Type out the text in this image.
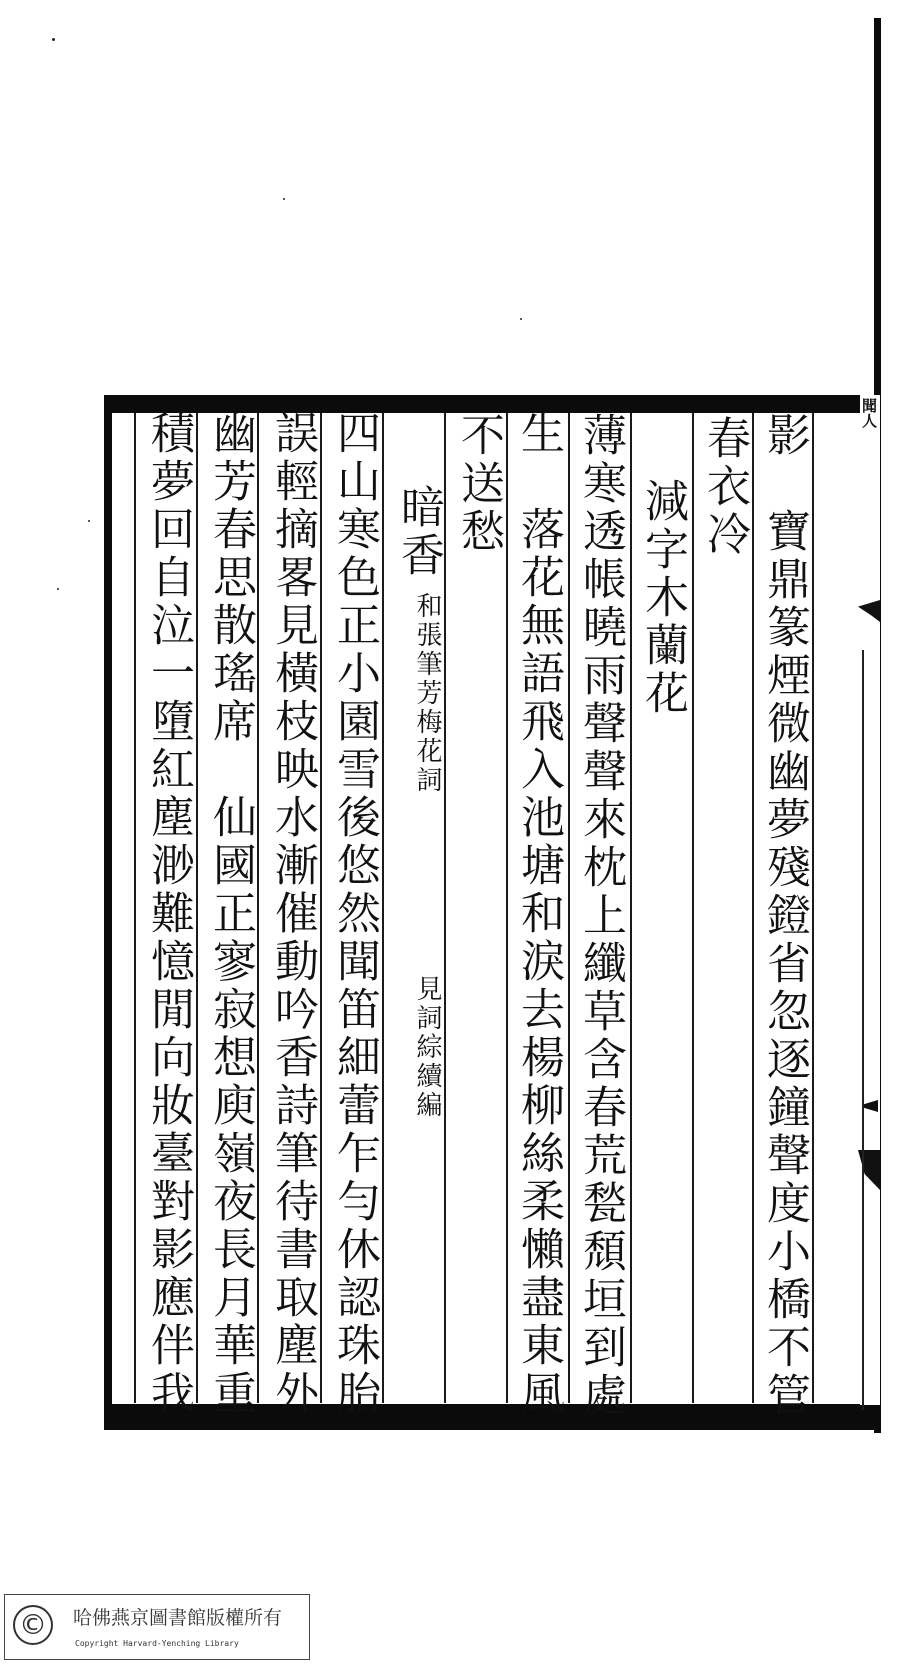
聞人
影　寶鼎篆煙微幽夢殘鐙省忽逐鐘聲度小橋不管
春衣冷
減字木蘭花
薄寒透帳曉雨聲聲來枕上纖草含春荒甃頹垣到處
生　落花無語飛入池塘和淚去楊柳絲柔懶盡東風
不送愁
暗香
和張筆芳梅花詞
見詞綜續編
四山寒色正小園雪後悠然聞笛細蕾乍勻休認珠胎
誤輕摘畧見橫枝映水漸催動吟香詩筆待書取塵外
幽芳春思散瑤席　仙國正寥寂想庾嶺夜長月華重
積夢回自泣一墮紅塵渺難憶閒向妝臺對影應伴我
©	哈佛燕京圖書館版權所有
Copyright Harvard-Yenching Library
